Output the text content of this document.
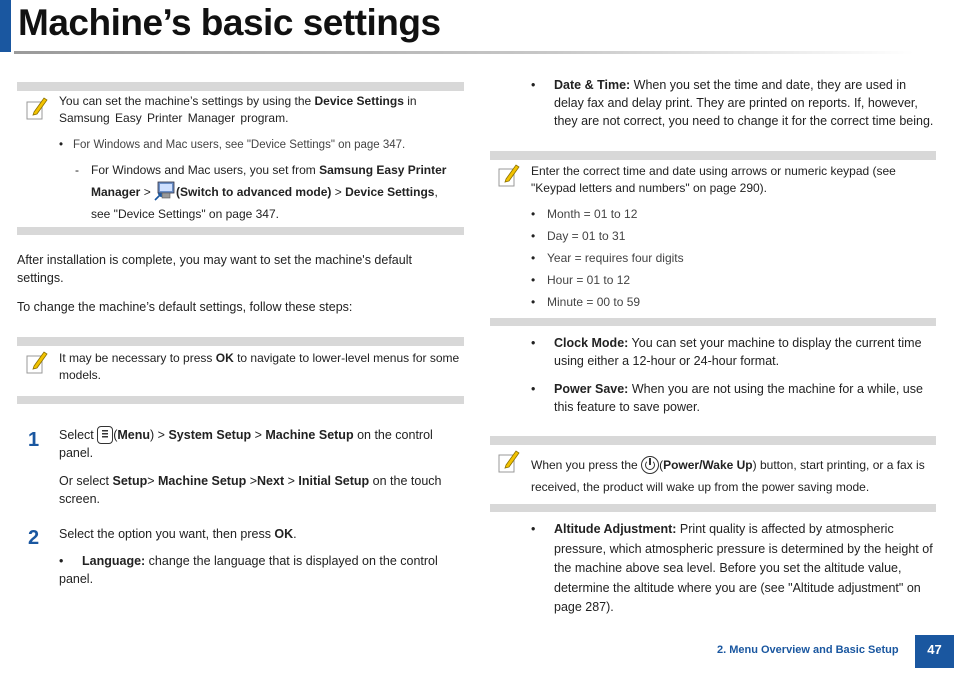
Machine’s basic settings

You can set the machine’s settings by using the Device Settings in

Samsung Easy Printer Manager program.

• For Windows and Mac users, see "Device Settings" on page 347.
- For Windows and Mac users, you set from Samsung Easy Printer
Manager > (Switch to advanced mode) > Device Settings,
see "Device Settings" on page 347.
After installation is complete, you may want to set the machine's default settings.
To change the machine’s default settings, follow these steps:
It may be necessary to press OK to navigate to lower-level menus for some models.
1 Select (Menu) > System Setup > Machine Setup on the control panel.
Or select Setup> Machine Setup >Next > Initial Setup on the touch screen.
2 Select the option you want, then press OK.
• Language: change the language that is displayed on the control panel.
•	Date & Time: When you set the time and date, they are used in delay fax and delay print. They are printed on reports. If, however, they are not correct, you need to change it for the correct time being.
Enter the correct time and date using arrows or numeric keypad (see "Keypad letters and numbers" on page 290).
• Month = 01 to 12
• Day = 01 to 31
• Year = requires four digits
• Hour = 01 to 12
• Minute = 00 to 59
•	Clock Mode: You can set your machine to display the current time using either a 12-hour or 24-hour format.
•	Power Save: When you are not using the machine for a while, use this feature to save power.
When you press the (Power/Wake Up) button, start printing, or a fax is received, the product will wake up from the power saving mode.
•	Altitude Adjustment: Print quality is affected by atmospheric pressure, which atmospheric pressure is determined by the height of the machine above sea level. Before you set the altitude value, determine the altitude where you are (see "Altitude adjustment" on page 287).
2. Menu Overview and Basic Setup	47
